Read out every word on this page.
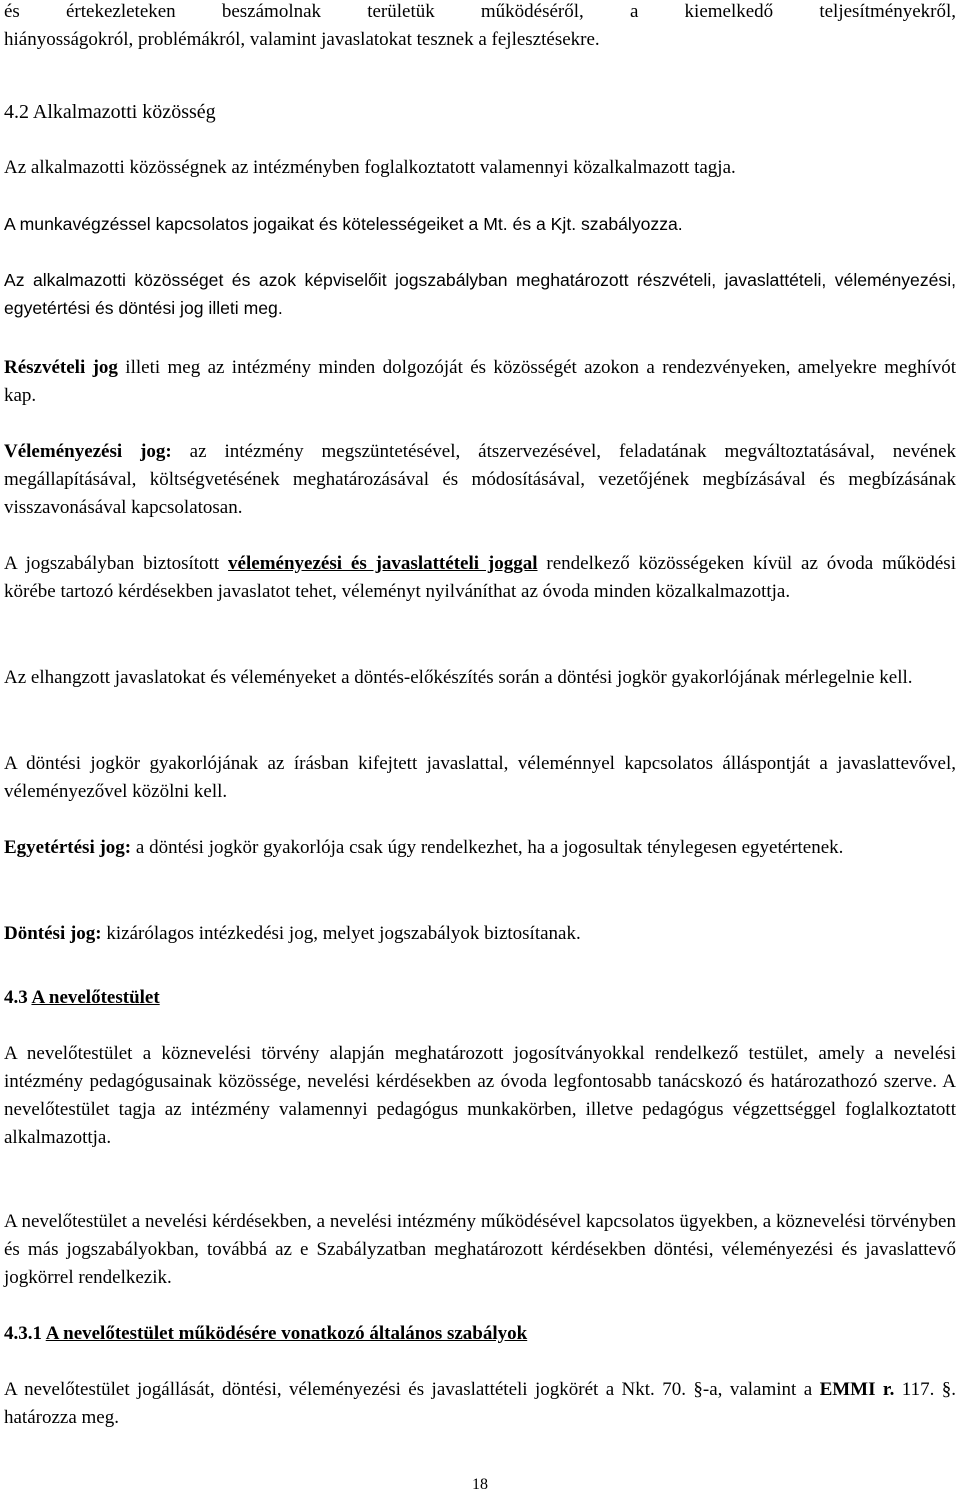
és értekezleteken beszámolnak területük működéséről, a kiemelkedő teljesítményekről,
hiányosságokról, problémákról, valamint javaslatokat tesznek a fejlesztésekre.
4.2 Alkalmazotti közösség
Az alkalmazotti közösségnek az intézményben foglalkoztatott valamennyi közalkalmazott tagja.
A munkavégzéssel kapcsolatos jogaikat és kötelességeiket a Mt. és a Kjt. szabályozza.
Az alkalmazotti közösséget és azok képviselőit jogszabályban meghatározott részvételi, javaslattételi, véleményezési, egyetértési és döntési jog illeti meg.
Részvételi jog illeti meg az intézmény minden dolgozóját és közösségét azokon a rendezvényeken, amelyekre meghívót kap.
Véleményezési jog: az intézmény megszüntetésével, átszervezésével, feladatának megváltoztatásával, nevének megállapításával, költségvetésének meghatározásával és módosításával, vezetőjének megbízásával és megbízásának visszavonásával kapcsolatosan.
A jogszabályban biztosított véleményezési és javaslattételi joggal rendelkező közösségeken kívül az óvoda működési körébe tartozó kérdésekben javaslatot tehet, véleményt nyilváníthat az óvoda minden közalkalmazottja.
Az elhangzott javaslatokat és véleményeket a döntés-előkészítés során a döntési jogkör gyakorlójának mérlegelnie kell.
A döntési jogkör gyakorlójának az írásban kifejtett javaslattal, véleménnyel kapcsolatos álláspontját a javaslattevővel, véleményezővel közölni kell.
Egyetértési jog: a döntési jogkör gyakorlója csak úgy rendelkezhet, ha a jogosultak ténylegesen egyetértenek.
Döntési jog: kizárólagos intézkedési jog, melyet jogszabályok biztosítanak.
4.3 A nevelőtestület
A nevelőtestület a köznevelési törvény alapján meghatározott jogosítványokkal rendelkező testület, amely a nevelési intézmény pedagógusainak közössége, nevelési kérdésekben az óvoda legfontosabb tanácskozó és határozathozó szerve. A nevelőtestület tagja az intézmény valamennyi pedagógus munkakörben, illetve pedagógus végzettséggel foglalkoztatott alkalmazottja.
A nevelőtestület a nevelési kérdésekben, a nevelési intézmény működésével kapcsolatos ügyekben, a köznevelési törvényben és más jogszabályokban, továbbá az e Szabályzatban meghatározott kérdésekben döntési, véleményezési és javaslattevő jogkörrel rendelkezik.
4.3.1 A nevelőtestület működésére vonatkozó általános szabályok
A nevelőtestület jogállását, döntési, véleményezési és javaslattételi jogkörét a Nkt. 70. §-a, valamint a EMMI r. 117. §. határozza meg.
18
